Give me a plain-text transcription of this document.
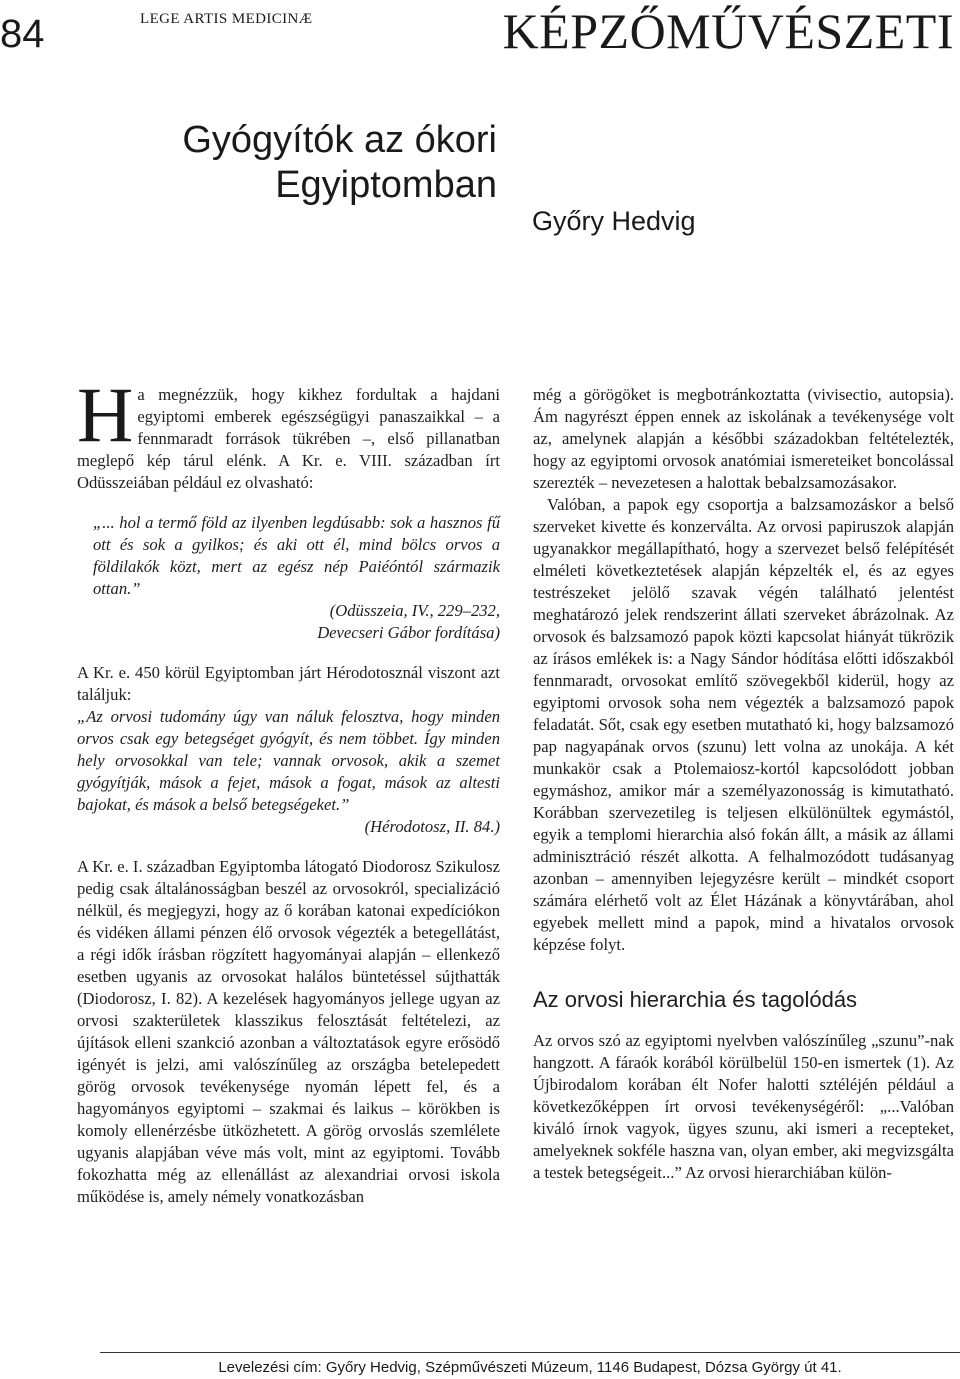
84	LEGE ARTIS MEDICINÆ	KÉPZŐMŰVÉSZETI
Gyógyítók az ókori
Egyiptomban
Győry Hedvig

Ha megnézzük, hogy kikhez fordultak a hajdani egyiptomi emberek egészségügyi panaszaikkal – a fennmaradt források tükrében –, első pillanatban meglepő kép tárul elénk. A Kr. e. VIII. században írt Odüsszeiában például ez olvasható:

„... hol a termő föld az ilyenben legdúsabb: sok a hasznos fű ott és sok a gyilkos; és aki ott él, mind bölcs orvos a földilakók közt, mert az egész nép Paiéóntól származik ottan.”

(Odüsszeia, IV., 229–232,

Devecseri Gábor fordítása)

A Kr. e. 450 körül Egyiptomban járt Hérodotosznál viszont azt találjuk:

„Az orvosi tudomány úgy van náluk felosztva, hogy minden orvos csak egy betegséget gyógyít, és nem többet. Így minden hely orvosokkal van tele; vannak orvosok, akik a szemet gyógyítják, mások a fejet, mások a fogat, mások az altesti bajokat, és mások a belső betegségeket.”

(Hérodotosz, II. 84.)

A Kr. e. I. században Egyiptomba látogató Diodorosz Szikulosz pedig csak általánosságban beszél az orvosokról, specializáció nélkül, és megjegyzi, hogy az ő korában katonai expedíciókon és vidéken állami pénzen élő orvosok végezték a betegellátást, a régi idők írásban rögzített hagyományai alapján – ellenkező esetben ugyanis az orvosokat halálos büntetéssel sújthatták (Diodorosz, I. 82). A kezelések hagyományos jellege ugyan az orvosi szakterületek klasszikus felosztását feltételezi, az újítások elleni szankció azonban a változtatások egyre erősödő igényét is jelzi, ami valószínűleg az országba betelepedett görög orvosok tevékenysége nyomán lépett fel, és a hagyományos egyiptomi – szakmai és laikus – körökben is komoly ellenérzésbe ütközhetett. A görög orvoslás szemlélete ugyanis alapjában véve más volt, mint az egyiptomi. Tovább fokozhatta még az ellenállást az alexandriai orvosi iskola működése is, amely némely vonatkozásban

még a görögöket is megbotránkoztatta (vivisectio, autopsia). Ám nagyrészt éppen ennek az iskolának a tevékenysége volt az, amelynek alapján a későbbi századokban feltételezték, hogy az egyiptomi orvosok anatómiai ismereteiket boncolással szerezték – nevezetesen a halottak bebalzsamozásakor.

Valóban, a papok egy csoportja a balzsamozáskor a belső szerveket kivette és konzerválta. Az orvosi papiruszok alapján ugyanakkor megállapítható, hogy a szervezet belső felépítését elméleti következtetések alapján képzelték el, és az egyes testrészeket jelölő szavak végén található jelentést meghatározó jelek rendszerint állati szerveket ábrázolnak. Az orvosok és balzsamozó papok közti kapcsolat hiányát tükrözik az írásos emlékek is: a Nagy Sándor hódítása előtti időszakból fennmaradt, orvosokat említő szövegekből kiderül, hogy az egyiptomi orvosok soha nem végezték a balzsamozó papok feladatát. Sőt, csak egy esetben mutatható ki, hogy balzsamozó pap nagyapának orvos (szunu) lett volna az unokája. A két munkakör csak a Ptolemaiosz-kortól kapcsolódott jobban egymáshoz, amikor már a személyazonosság is kimutatható. Korábban szervezetileg is teljesen elkülönültek egymástól, egyik a templomi hierarchia alsó fokán állt, a másik az állami adminisztráció részét alkotta. A felhalmozódott tudásanyag azonban – amennyiben lejegyzésre került – mindkét csoport számára elérhető volt az Élet Házának a könyvtárában, ahol egyebek mellett mind a papok, mind a hivatalos orvosok képzése folyt.

Az orvosi hierarchia és tagolódás

Az orvos szó az egyiptomi nyelvben valószínűleg „szunu”-nak hangzott. A fáraók korából körülbelül 150-en ismertek (1). Az Újbirodalom korában élt Nofer halotti sztéléjén például a következőképpen írt orvosi tevékenységéről: „...Valóban kiváló írnok vagyok, ügyes szunu, aki ismeri a recepteket, amelyeknek sokféle haszna van, olyan ember, aki megvizsgálta a testek betegségeit...” Az orvosi hierarchiában külön-

Levelezési cím: Győry Hedvig, Szépművészeti Múzeum, 1146 Budapest, Dózsa György út 41.
